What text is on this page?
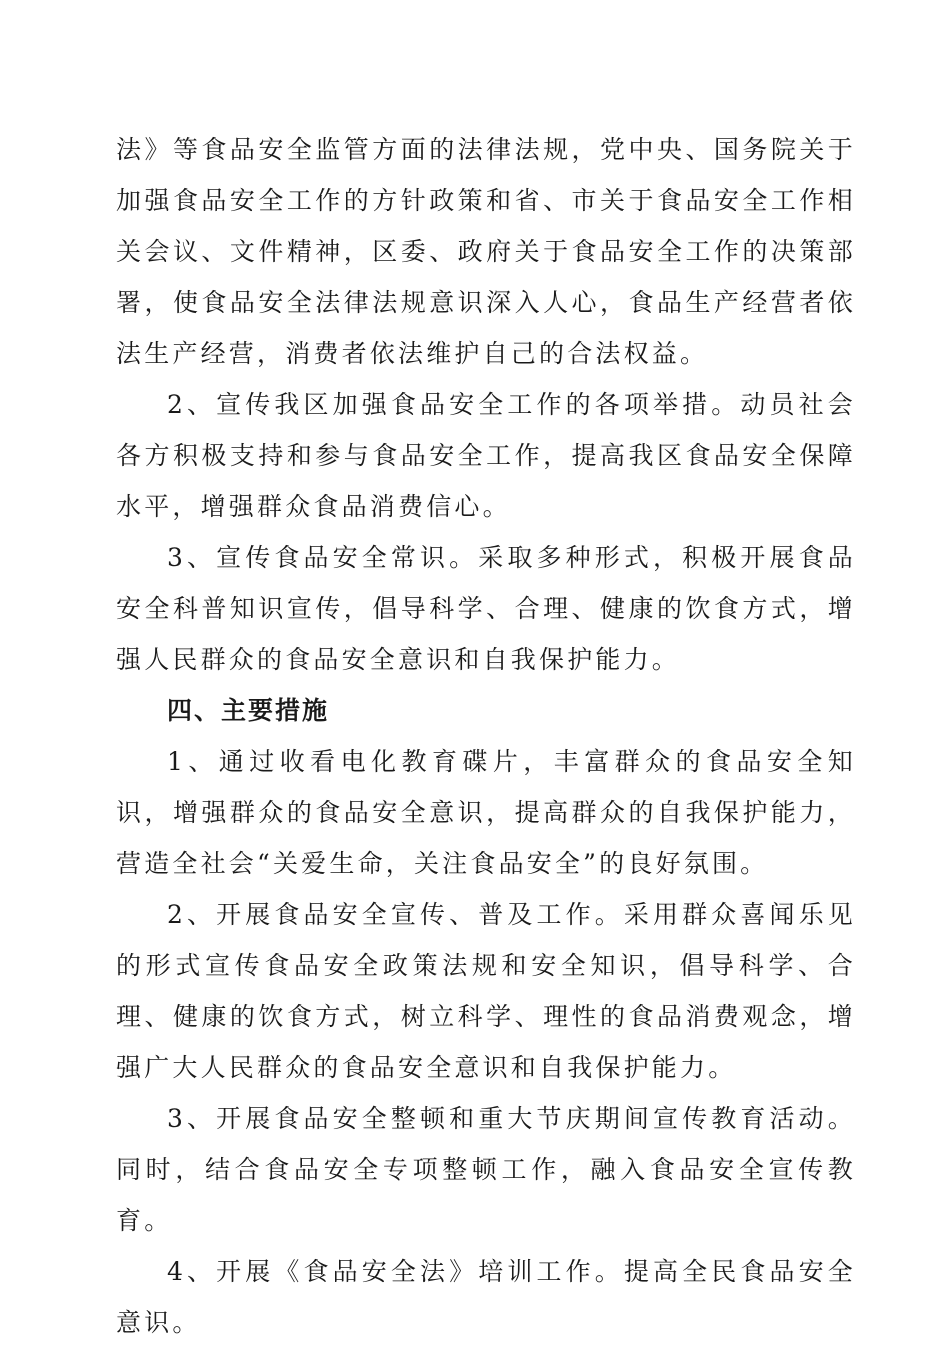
法》等食品安全监管方面的法律法规，党中央、国务院关于加强食品安全工作的方针政策和省、市关于食品安全工作相关会议、文件精神，区委、政府关于食品安全工作的决策部署，使食品安全法律法规意识深入人心，食品生产经营者依法生产经营，消费者依法维护自己的合法权益。

2、宣传我区加强食品安全工作的各项举措。动员社会各方积极支持和参与食品安全工作，提高我区食品安全保障水平，增强群众食品消费信心。

3、宣传食品安全常识。采取多种形式，积极开展食品安全科普知识宣传，倡导科学、合理、健康的饮食方式，增强人民群众的食品安全意识和自我保护能力。

四、主要措施

1、通过收看电化教育碟片，丰富群众的食品安全知识，增强群众的食品安全意识，提高群众的自我保护能力，营造全社会“关爱生命，关注食品安全”的良好氛围。

2、开展食品安全宣传、普及工作。采用群众喜闻乐见的形式宣传食品安全政策法规和安全知识，倡导科学、合理、健康的饮食方式，树立科学、理性的食品消费观念，增强广大人民群众的食品安全意识和自我保护能力。

3、开展食品安全整顿和重大节庆期间宣传教育活动。同时，结合食品安全专项整顿工作，融入食品安全宣传教育。

4、开展《食品安全法》培训工作。提高全民食品安全意识。
